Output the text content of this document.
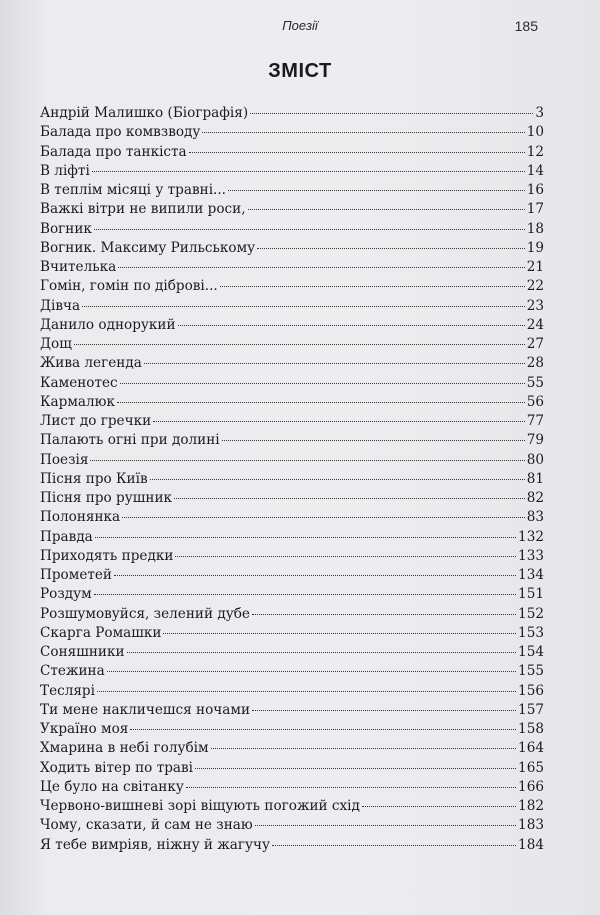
Поезії	185
ЗМІСТ
Андрій Малишко (Біографія)	3
Балада про комвзводу	10
Балада про танкіста	12
В ліфті	14
В теплім місяці у травні...	16
Важкі вітри не випили роси,	17
Вогник	18
Вогник. Максиму Рильському	19
Вчителька	21
Гомін, гомін по діброві...	22
Дівча	23
Данило однорукий	24
Дощ	27
Жива легенда	28
Каменотес	55
Кармалюк	56
Лист до гречки	77
Палають огні при долині	79
Поезія	80
Пісня про Київ	81
Пісня про рушник	82
Полонянка	83
Правда	132
Приходять предки	133
Прометей	134
Роздум	151
Розшумовуйся, зелений дубе	152
Скарга Ромашки	153
Соняшники	154
Стежина	155
Теслярі	156
Ти мене накличешся ночами	157
Україно моя	158
Хмарина в небі голубім	164
Ходить вітер по траві	165
Це було на світанку	166
Червоно-вишневі зорі віщують погожий схід	182
Чому, сказати, й сам не знаю	183
Я тебе вимріяв, ніжну й жагучу	184
